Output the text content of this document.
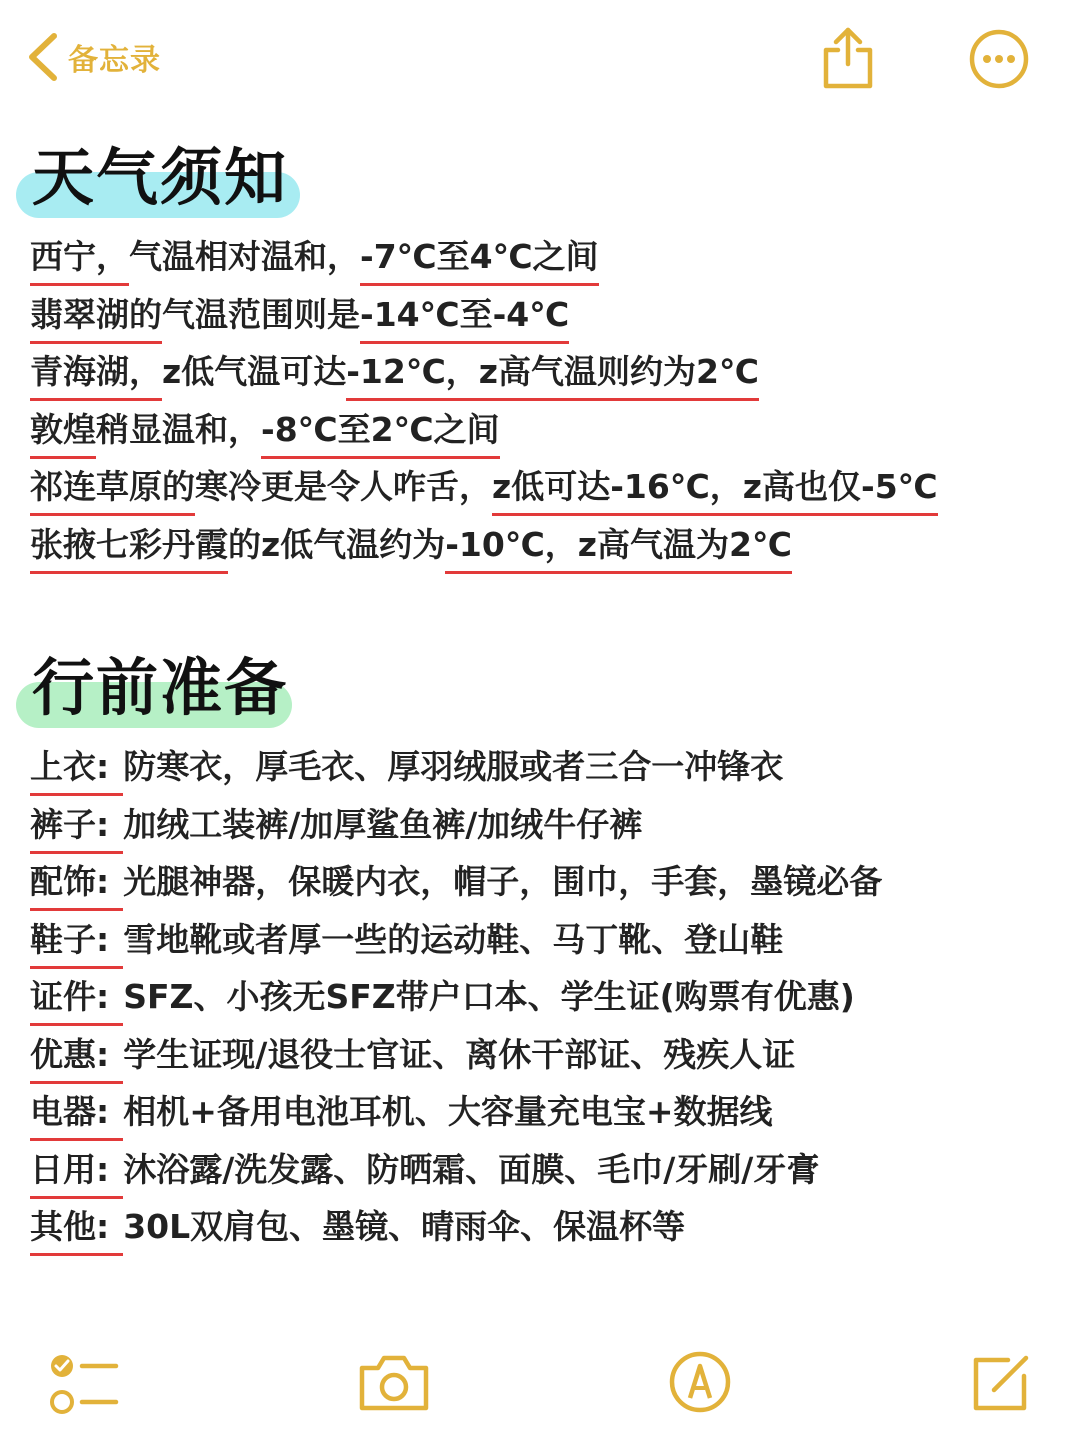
备忘录
天气须知
西宁，气温相对温和，-7℃至4℃之间
翡翠湖的气温范围则是-14℃至-4℃
青海湖，z低气温可达-12℃，z高气温则约为2℃
敦煌稍显温和，-8℃至2℃之间
祁连草原的寒冷更是令人咋舌，z低可达-16℃，z高也仅-5℃
张掖七彩丹霞的z低气温约为-10℃，z高气温为2℃
行前准备
上衣: 防寒衣，厚毛衣、厚羽绒服或者三合一冲锋衣
裤子: 加绒工装裤/加厚鲨鱼裤/加绒牛仔裤
配饰: 光腿神器，保暖内衣，帽子，围巾，手套，墨镜必备
鞋子: 雪地靴或者厚一些的运动鞋、马丁靴、登山鞋
证件: SFZ、小孩无SFZ带户口本、学生证(购票有优惠)
优惠: 学生证现/退役士官证、离休干部证、残疾人证
电器: 相机+备用电池耳机、大容量充电宝+数据线
日用: 沐浴露/洗发露、防晒霜、面膜、毛巾/牙刷/牙膏
其他: 30L双肩包、墨镜、晴雨伞、保温杯等
